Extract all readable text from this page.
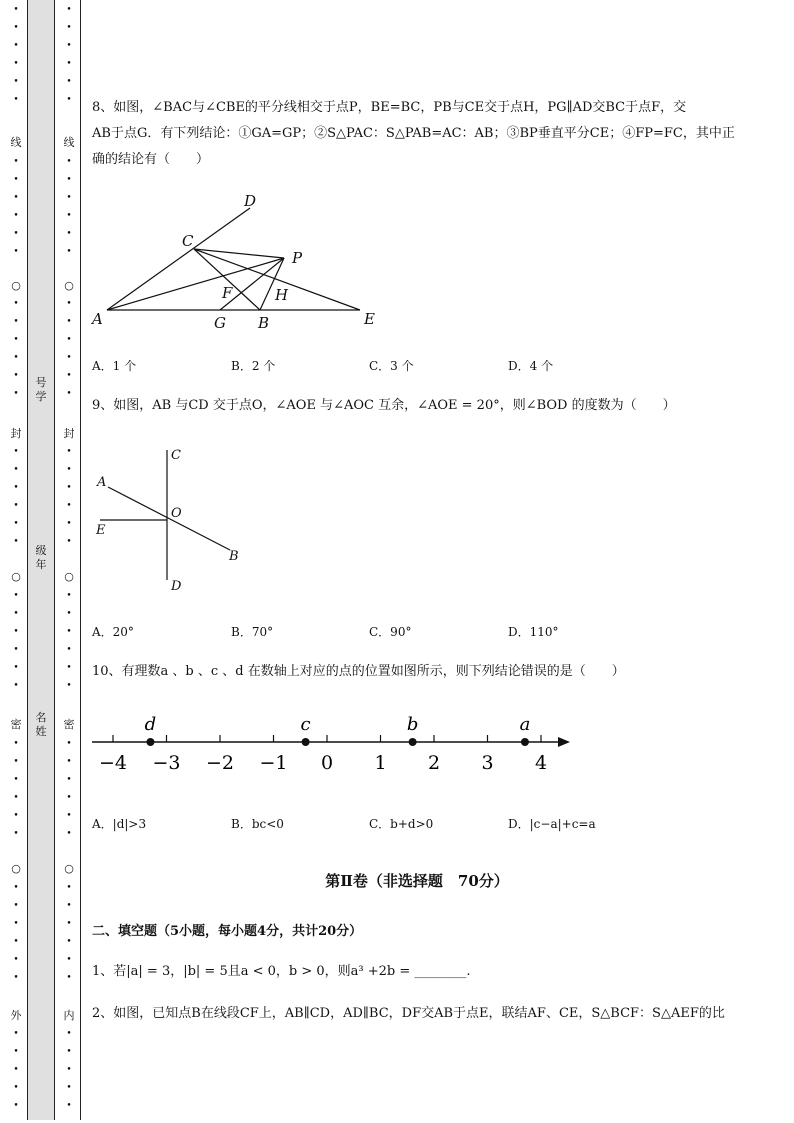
•

•

•

•

•

•
线
•

•

•

•

•

•
○
•

•

•

•

•

•
封
•

•

•

•

•

•
○
•

•

•

•

•

•
密
•

•

•

•

•

•
○
•

•

•

•

•

•
外
•

•

•

•

•
号
学
级
年
名
姓
•

•

•

•

•

•
线
•

•

•

•

•

•
○
•

•

•

•

•

•
封
•

•

•

•

•

•
○
•

•

•

•

•

•
密
•

•

•

•

•

•
○
•

•

•

•

•

•
内
•

•

•

•

•
8、如图，∠BAC与∠CBE的平分线相交于点P，BE=BC，PB与CE交于点H，PG∥AD交BC于点F，交
AB于点G．有下列结论：①GA=GP；②S△PAC：S△PAB=AC：AB；③BP垂直平分CE；④FP=FC，其中正
确的结论有（　　）
D
C
P
F	H
A	G B	E
A．1 个	B．2 个	C．3 个	D．4 个
9、如图，AB 与CD 交于点O，∠AOE 与∠AOC 互余，∠AOE = 20°，则∠BOD 的度数为（　　）
C
A
O
E
B
D
A．20°	B．70°	C．90°	D．110°
10、有理数a 、b 、c 、d 在数轴上对应的点的位置如图所示，则下列结论错误的是（　　）
−4 −3 −2 −1 0 1 2 3 4
d	c	b	a
A．|d|>3	B．bc<0	C．b+d>0	D．|c−a|+c=a
第Ⅱ卷（非选择题　70分）
二、填空题（5小题，每小题4分，共计20分）
1、若|a| = 3，|b| = 5且a < 0，b > 0，则a³ +2b = ________.
2、如图，已知点B在线段CF上，AB∥CD，AD∥BC，DF交AB于点E，联结AF、CE，S△BCF：S△AEF的比
